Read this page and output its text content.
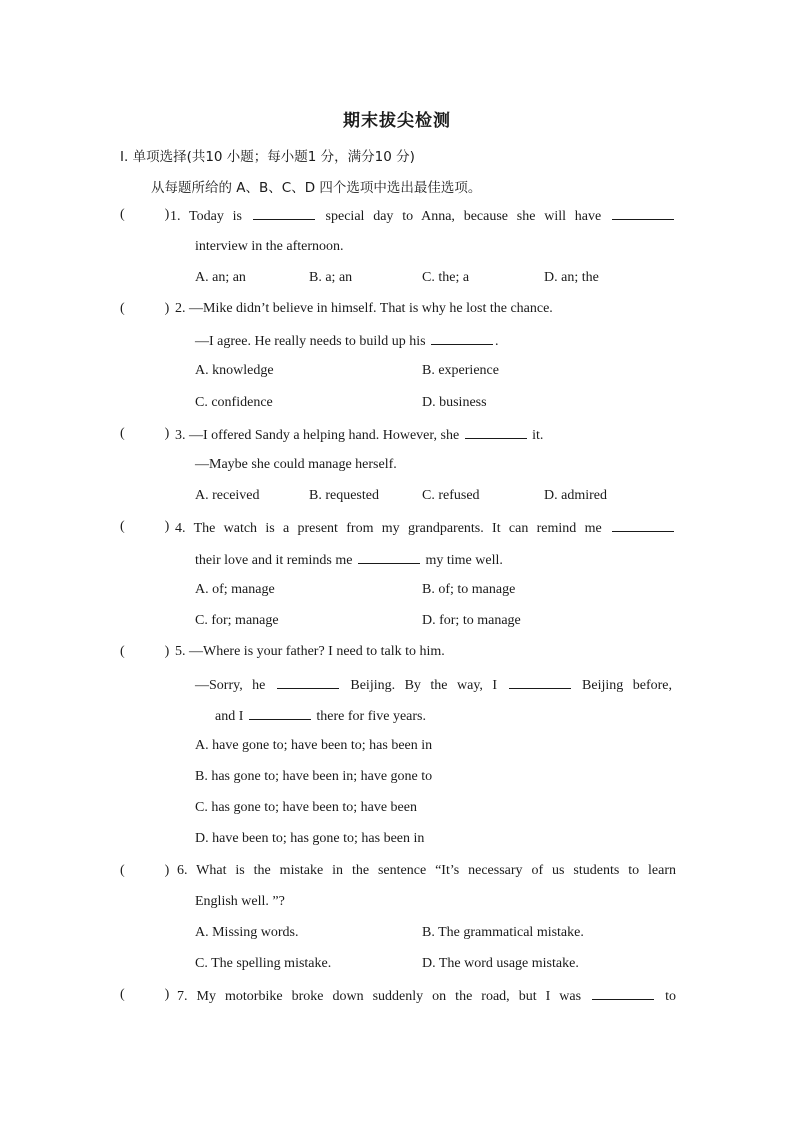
期末拔尖检测
I. 单项选择(共10 小题；每小题1 分，满分10 分)
从每题所给的 A、B、C、D 四个选项中选出最佳选项。
(	) 1. Today is	special day to Anna, because she will have
interview in the afternoon.
A. an; an	B. a; an	C. the; a	D. an; the
(	) 2. —Mike didn’t believe in himself. That is why he lost the chance.
—I agree. He really needs to build up his	.
A. knowledge	B. experience
C. confidence	D. business
(	) 3. —I offered Sandy a helping hand. However, she	it.
—Maybe she could manage herself.
A. received	B. requested	C. refused	D. admired
(	) 4. The watch is a present from my grandparents. It can remind me
their love and it reminds me	my time well.
A. of; manage	B. of; to manage
C. for; manage	D. for; to manage
(	) 5. —Where is your father? I need to talk to him.
—Sorry, he	Beijing. By the way, I	Beijing before,
and I	there for five years.
A. have gone to; have been to; has been in
B. has gone to; have been in; have gone to
C. has gone to; have been to; have been
D. have been to; has gone to; has been in
(	) 6. What is the mistake in the sentence “It’s necessary of us students to learn
English well. ”?
A. Missing words.	B. The grammatical mistake.
C. The spelling mistake.	D. The word usage mistake.
(	) 7. My motorbike broke down suddenly on the road, but I was	to
